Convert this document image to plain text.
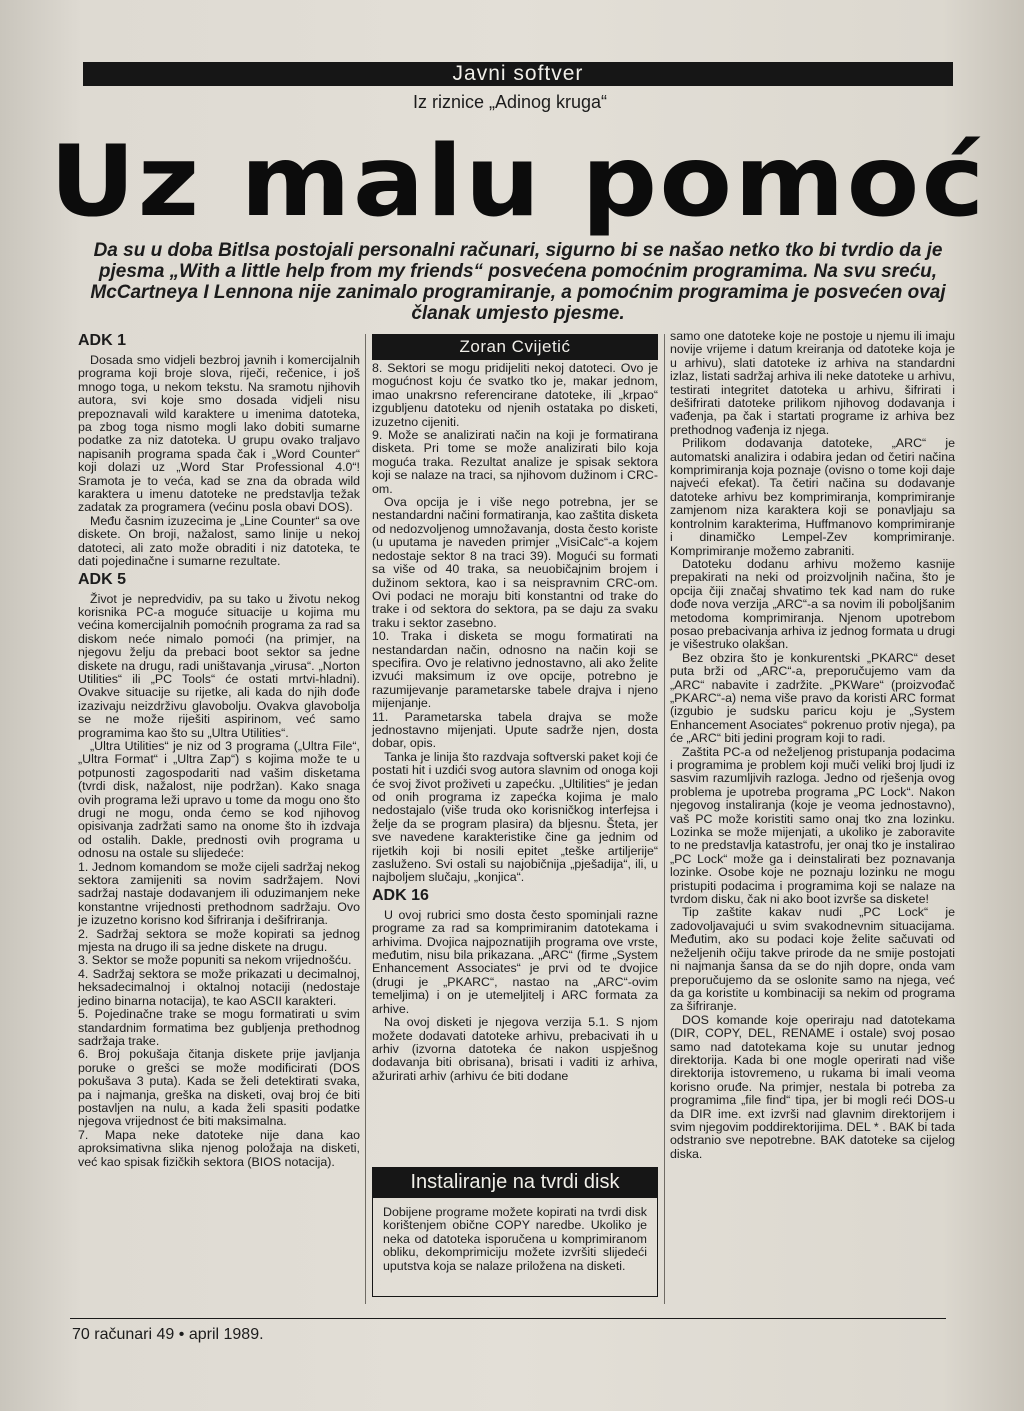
Javni softver
Iz riznice „Adinog kruga“
Uz malu pomoć
Da su u doba Bitlsa postojali personalni računari, sigurno bi se našao netko tko bi tvrdio da je pjesma „With a little help from my friends“ posvećena pomoćnim programima. Na svu sreću, McCartneya I Lennona nije zanimalo programiranje, a pomoćnim programima je posvećen ovaj članak umjesto pjesme.
ADK 1

Dosada smo vidjeli bezbroj javnih i komercijalnih programa koji broje slova, riječi, rečenice, i još mnogo toga, u nekom tekstu. Na sramotu njihovih autora, svi koje smo dosada vidjeli nisu prepoznavali wild karaktere u imenima datoteka, pa zbog toga nismo mogli lako dobiti sumarne podatke za niz datoteka. U grupu ovako traljavo napisanih programa spada čak i „Word Counter“ koji dolazi uz „Word Star Professional 4.0“! Sramota je to veća, kad se zna da obrada wild karaktera u imenu datoteke ne predstavlja težak zadatak za programera (većinu posla obavi DOS).

Među časnim izuzecima je „Line Counter“ sa ove diskete. On broji, nažalost, samo linije u nekoj datoteci, ali zato može obraditi i niz datoteka, te dati pojedinačne i sumarne rezultate.

ADK 5

Život je nepredvidiv, pa su tako u životu nekog korisnika PC-a moguće situacije u kojima mu većina komercijalnih pomoćnih programa za rad sa diskom neće nimalo pomoći (na primjer, na njegovu želju da prebaci boot sektor sa jedne diskete na drugu, radi uništavanja „virusa“. „Norton Utilities“ ili „PC Tools“ će ostati mrtvi-hladni). Ovakve situacije su rijetke, ali kada do njih dođe izazivaju neizdrživu glavobolju. Ovakva glavobolja se ne može riješiti aspirinom, već samo programima kao što su „Ultra Utilities“.

„Ultra Utilities“ je niz od 3 programa („Ultra File“, „Ultra Format“ i „Ultra Zap“) s kojima može te u potpunosti zagospodariti nad vašim disketama (tvrdi disk, nažalost, nije podržan). Kako snaga ovih programa leži upravo u tome da mogu ono što drugi ne mogu, onda ćemo se kod njihovog opisivanja zadržati samo na onome što ih izdvaja od ostalih. Dakle, prednosti ovih programa u odnosu na ostale su slijedeće:

1. Jednom komandom se može cijeli sadržaj nekog sektora zamijeniti sa novim sadržajem. Novi sadržaj nastaje dodavanjem ili oduzimanjem neke konstantne vrijednosti prethodnom sadržaju. Ovo je izuzetno korisno kod šifriranja i dešifriranja.

2. Sadržaj sektora se može kopirati sa jednog mjesta na drugo ili sa jedne diskete na drugu.

3. Sektor se može popuniti sa nekom vrijednošću.

4. Sadržaj sektora se može prikazati u decimalnoj, heksadecimalnoj i oktalnoj notaciji (nedostaje jedino binarna notacija), te kao ASCII karakteri.

5. Pojedinačne trake se mogu formatirati u svim standardnim formatima bez gubljenja prethodnog sadržaja trake.

6. Broj pokušaja čitanja diskete prije javljanja poruke o grešci se može modificirati (DOS pokušava 3 puta). Kada se želi detektirati svaka, pa i najmanja, greška na disketi, ovaj broj će biti postavljen na nulu, a kada želi spasiti podatke njegova vrijednost će biti maksimalna.

7. Mapa neke datoteke nije dana kao aproksimativna slika njenog položaja na disketi, već kao spisak fizičkih sektora (BIOS notacija).

Zoran Cvijetić

8. Sektori se mogu pridijeliti nekoj datoteci. Ovo je mogućnost koju će svatko tko je, makar jednom, imao unakrsno referencirane datoteke, ili „krpao“ izgubljenu datoteku od njenih ostataka po disketi, izuzetno cijeniti.

9. Može se analizirati način na koji je formatirana disketa. Pri tome se može analizirati bilo koja moguća traka. Rezultat analize je spisak sektora koji se nalaze na traci, sa njihovom dužinom i CRC-om.

Ova opcija je i više nego potrebna, jer se nestandardni načini formatiranja, kao zaštita disketa od nedozvoljenog umnožavanja, dosta često koriste (u uputama je naveden primjer „VisiCalc“-a kojem nedostaje sektor 8 na traci 39). Mogući su formati sa više od 40 traka, sa neuobičajnim brojem i dužinom sektora, kao i sa neispravnim CRC-om. Ovi podaci ne moraju biti konstantni od trake do trake i od sektora do sektora, pa se daju za svaku traku i sektor zasebno.

10. Traka i disketa se mogu formatirati na nestandardan način, odnosno na način koji se specifira. Ovo je relativno jednostavno, ali ako želite izvući maksimum iz ove opcije, potrebno je razumijevanje parametarske tabele drajva i njeno mijenjanje.

11. Parametarska tabela drajva se može jednostavno mijenjati. Upute sadrže njen, dosta dobar, opis.

Tanka je linija što razdvaja softverski paket koji će postati hit i uzdići svog autora slavnim od onoga koji će svoj život proživeti u zapećku. „Ultilities“ je jedan od onih programa iz zapećka kojima je malo nedostajalo (više truda oko korisničkog interfejsa i želje da se program plasira) da bljesnu. Šteta, jer sve navedene karakteristike čine ga jednim od rijetkih koji bi nosili epitet „teške artiljerije“ zasluženo. Svi ostali su najobičnija „pješadija“, ili, u najboljem slučaju, „konjica“.

ADK 16

U ovoj rubrici smo dosta često spominjali razne programe za rad sa komprimiranim datotekama i arhivima. Dvojica najpoznatijih programa ove vrste, međutim, nisu bila prikazana. „ARC“ (firme „System Enhancement Associates“ je prvi od te dvojice (drugi je „PKARC“, nastao na „ARC“-ovim temeljima) i on je utemeljitelj i ARC formata za arhive.

Na ovoj disketi je njegova verzija 5.1. S njom možete dodavati datoteke arhivu, prebacivati ih u arhiv (izvorna datoteka će nakon uspješnog dodavanja biti obrisana), brisati i vaditi iz arhiva, ažurirati arhiv (arhivu će biti dodane

Instaliranje na tvrdi disk
Dobijene programe možete kopirati na tvrdi disk korištenjem obične COPY naredbe. Ukoliko je neka od datoteka isporučena u komprimiranom obliku, dekomprimiciju možete izvršiti slijedeći uputstva koja se nalaze priložena na disketi.

samo one datoteke koje ne postoje u njemu ili imaju novije vrijeme i datum kreiranja od datoteke koja je u arhivu), slati datoteke iz arhiva na standardni izlaz, listati sadržaj arhiva ili neke datoteke u arhivu, testirati integritet datoteka u arhivu, šifrirati i dešifrirati datoteke prilikom njihovog dodavanja i vađenja, pa čak i startati programe iz arhiva bez prethodnog vađenja iz njega.

Prilikom dodavanja datoteke, „ARC“ je automatski analizira i odabira jedan od četiri načina komprimiranja koja poznaje (ovisno o tome koji daje najveći efekat). Ta četiri načina su dodavanje datoteke arhivu bez komprimiranja, komprimiranje zamjenom niza karaktera koji se ponavljaju sa kontrolnim karakterima, Huffmanovo komprimiranje i dinamičko Lempel-Zev komprimiranje. Komprimiranje možemo zabraniti.

Datoteku dodanu arhivu možemo kasnije prepakirati na neki od proizvoljnih načina, što je opcija čiji značaj shvatimo tek kad nam do ruke dođe nova verzija „ARC“-a sa novim ili poboljšanim metodoma komprimiranja. Njenom upotrebom posao prebacivanja arhiva iz jednog formata u drugi je višestruko olakšan.

Bez obzira što je konkurentski „PKARC“ deset puta brži od „ARC“-a, preporučujemo vam da „ARC“ nabavite i zadržite. „PKWare“ (proizvođač „PKARC“-a) nema više pravo da koristi ARC format (izgubio je sudsku paricu koju je „System Enhancement Asociates“ pokrenuo protiv njega), pa će „ARC“ biti jedini program koji to radi.

Zaštita PC-a od neželjenog pristupanja podacima i programima je problem koji muči veliki broj ljudi iz sasvim razumljivih razloga. Jedno od rješenja ovog problema je upotreba programa „PC Lock“. Nakon njegovog instaliranja (koje je veoma jednostavno), vaš PC može koristiti samo onaj tko zna lozinku. Lozinka se može mijenjati, a ukoliko je zaboravite to ne predstavlja katastrofu, jer onaj tko je instalirao „PC Lock“ može ga i deinstalirati bez poznavanja lozinke. Osobe koje ne poznaju lozinku ne mogu pristupiti podacima i programima koji se nalaze na tvrdom disku, čak ni ako boot izvrše sa diskete!

Tip zaštite kakav nudi „PC Lock“ je zadovoljavajući u svim svakodnevnim situacijama. Međutim, ako su podaci koje želite sačuvati od neželjenih očiju takve prirode da ne smije postojati ni najmanja šansa da se do njih dopre, onda vam preporučujemo da se oslonite samo na njega, već da ga koristite u kombinaciji sa nekim od programa za šifriranje.

DOS komande koje operiraju nad datotekama (DIR, COPY, DEL, RENAME i ostale) svoj posao samo nad datotekama koje su unutar jednog direktorija. Kada bi one mogle operirati nad više direktorija istovremeno, u rukama bi imali veoma korisno oruđe. Na primjer, nestala bi potreba za programima „file find“ tipa, jer bi mogli reći DOS-u da DIR ime. ext izvrši nad glavnim direktorijem i svim njegovim poddirektorijima. DEL * . BAK bi tada odstranio sve nepotrebne. BAK datoteke sa cijelog diska.

70 računari 49 • april 1989.
